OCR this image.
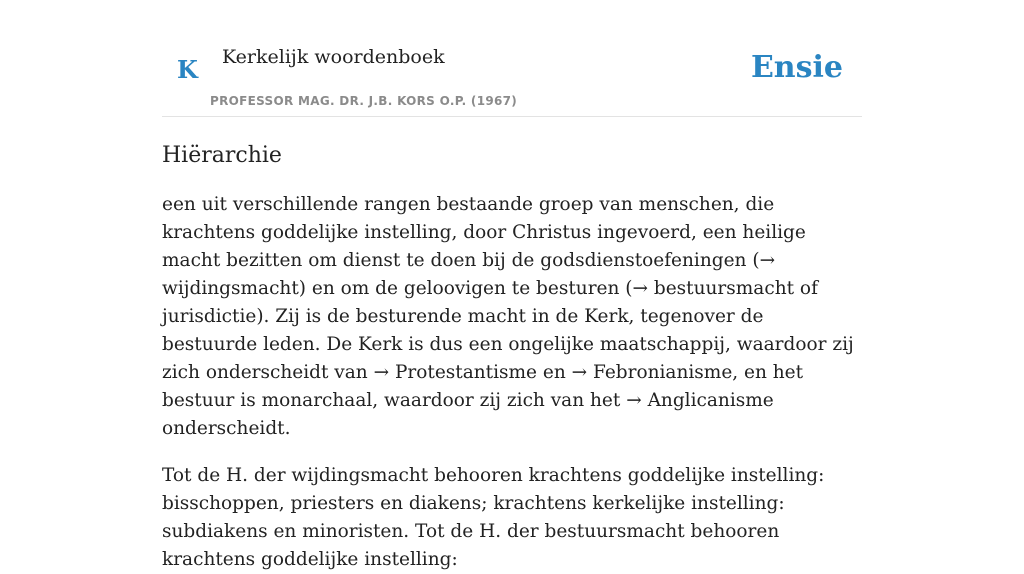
K Kerkelijk woordenboek
PROFESSOR MAG. DR. J.B. KORS O.P. (1967)
Ensie
Hiërarchie

een uit verschillende rangen bestaande groep van menschen, die krachtens goddelijke instelling, door Christus ingevoerd, een heilige macht bezitten om dienst te doen bij de godsdienstoefeningen (→ wijdingsmacht) en om de geloovigen te besturen (→ bestuursmacht of jurisdictie). Zij is de besturende macht in de Kerk, tegenover de bestuurde leden. De Kerk is dus een ongelijke maatschappij, waardoor zij zich onderscheidt van → Protestantisme en → Febronianisme, en het bestuur is monarchaal, waardoor zij zich van het → Anglicanisme onderscheidt.

Tot de H. der wijdingsmacht behooren krachtens goddelijke instelling: bisschoppen, priesters en diakens; krachtens kerkelijke instelling: subdiakens en minoristen. Tot de H. der bestuursmacht behooren krachtens goddelijke instelling:
